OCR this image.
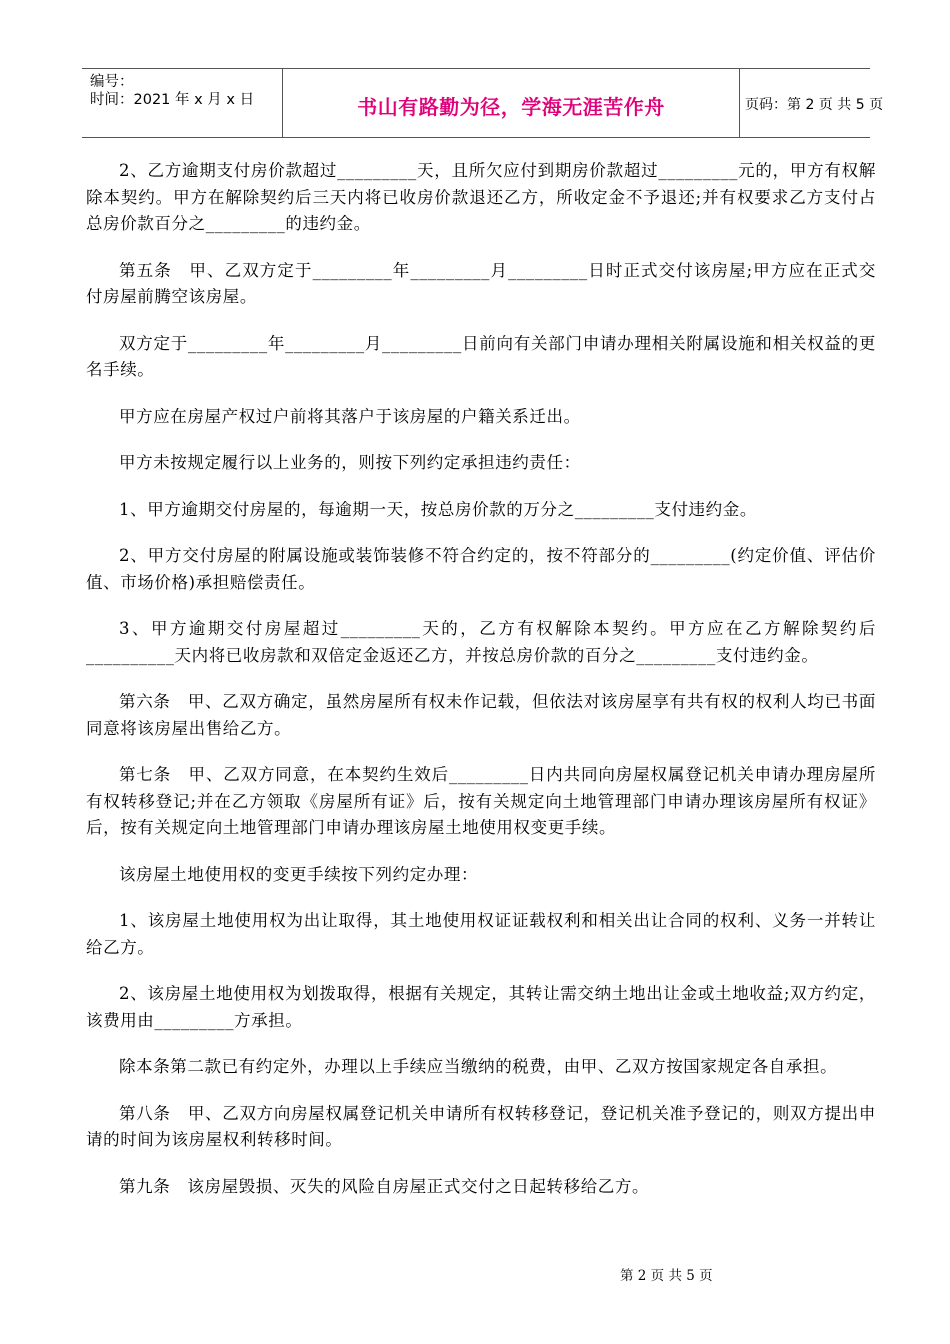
编号：
时间：2021 年 x 月 x 日	书山有路勤为径，学海无涯苦作舟	页码：第 2 页 共 5 页

2、乙方逾期支付房价款超过_________天，且所欠应付到期房价款超过_________元的，甲方有权解除本契约。甲方在解除契约后三天内将已收房价款退还乙方，所收定金不予退还;并有权要求乙方支付占总房价款百分之_________的违约金。

第五条　甲、乙双方定于_________年_________月_________日时正式交付该房屋;甲方应在正式交付房屋前腾空该房屋。

双方定于_________年_________月_________日前向有关部门申请办理相关附属设施和相关权益的更名手续。

甲方应在房屋产权过户前将其落户于该房屋的户籍关系迁出。

甲方未按规定履行以上业务的，则按下列约定承担违约责任：

1、甲方逾期交付房屋的，每逾期一天，按总房价款的万分之_________支付违约金。

2、甲方交付房屋的附属设施或装饰装修不符合约定的，按不符部分的_________(约定价值、评估价值、市场价格)承担赔偿责任。

3、甲方逾期交付房屋超过_________天的，乙方有权解除本契约。甲方应在乙方解除契约后__________天内将已收房款和双倍定金返还乙方，并按总房价款的百分之_________支付违约金。

第六条　甲、乙双方确定，虽然房屋所有权未作记载，但依法对该房屋享有共有权的权利人均已书面同意将该房屋出售给乙方。

第七条　甲、乙双方同意，在本契约生效后_________日内共同向房屋权属登记机关申请办理房屋所有权转移登记;并在乙方领取《房屋所有证》后，按有关规定向土地管理部门申请办理该房屋所有权证》后，按有关规定向土地管理部门申请办理该房屋土地使用权变更手续。

该房屋土地使用权的变更手续按下列约定办理：

1、该房屋土地使用权为出让取得，其土地使用权证证载权利和相关出让合同的权利、义务一并转让给乙方。

2、该房屋土地使用权为划拨取得，根据有关规定，其转让需交纳土地出让金或土地收益;双方约定，该费用由_________方承担。

除本条第二款已有约定外，办理以上手续应当缴纳的税费，由甲、乙双方按国家规定各自承担。

第八条　甲、乙双方向房屋权属登记机关申请所有权转移登记，登记机关准予登记的，则双方提出申请的时间为该房屋权利转移时间。

第九条　该房屋毁损、灭失的风险自房屋正式交付之日起转移给乙方。

第 2 页 共 5 页
